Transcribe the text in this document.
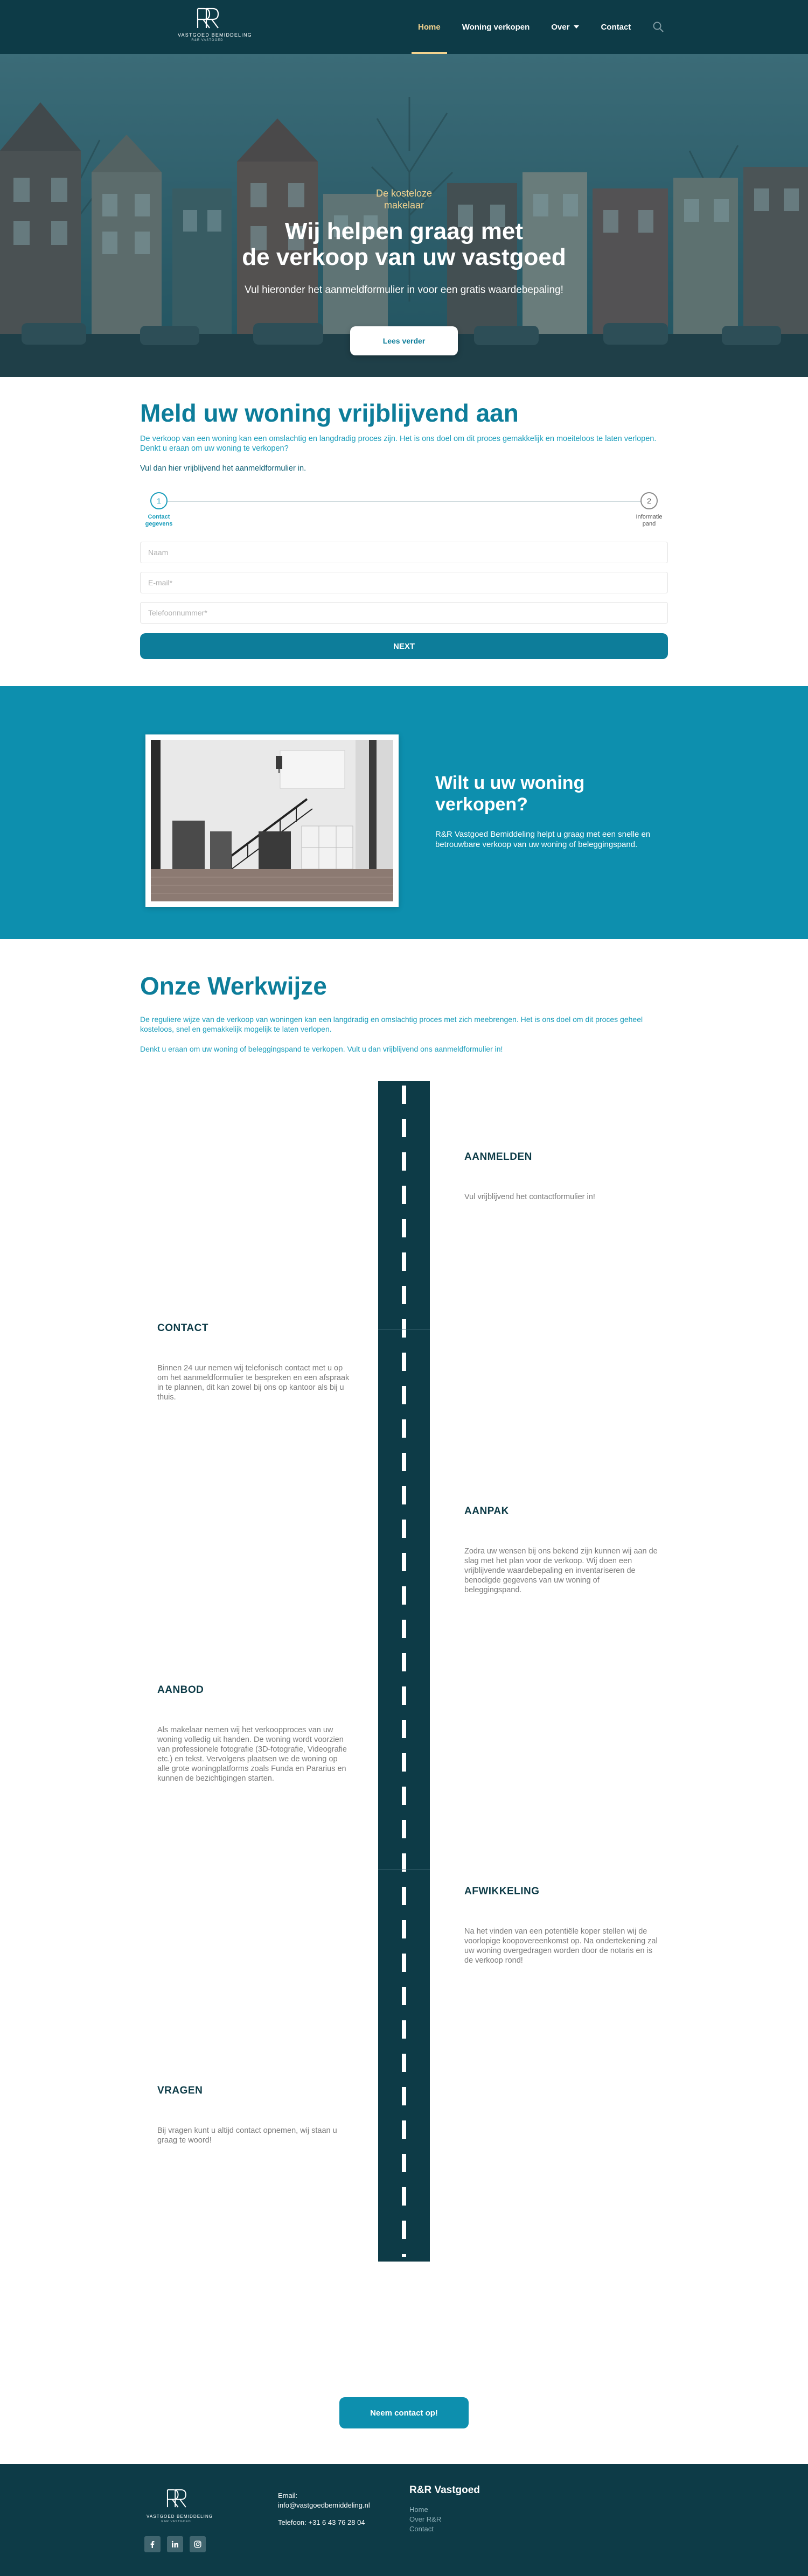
VASTGOED BEMIDDELING
R&R VASTGOED
Home	Woning verkopen	Over	Contact
De kosteloze makelaar
Wij helpen graag met
de verkoop van uw vastgoed
Vul hieronder het aanmeldformulier in voor een gratis waardebepaling!
Lees verder
Meld uw woning vrijblijvend aan
De verkoop van een woning kan een omslachtig en langdradig proces zijn. Het is ons doel om dit proces gemakkelijk en moeiteloos te laten verlopen. Denkt u eraan om uw woning te verkopen?
Vul dan hier vrijblijvend het aanmeldformulier in.
1
Contact gegevens
2
Informatie pand
Naam
E-mail*
Telefoonnummer*
NEXT
Wilt u uw woning verkopen?
R&R Vastgoed Bemiddeling helpt u graag met een snelle en betrouwbare verkoop van uw woning of beleggingspand.
Onze Werkwijze
De reguliere wijze van de verkoop van woningen kan een langdradig en omslachtig proces met zich meebrengen. Het is ons doel om dit proces geheel kosteloos, snel en gemakkelijk mogelijk te laten verlopen.
Denkt u eraan om uw woning of beleggingspand te verkopen. Vult u dan vrijblijvend ons aanmeldformulier in!
AANMELDEN

Vul vrijblijvend het contactformulier in!

CONTACT

Binnen 24 uur nemen wij telefonisch contact met u op om het aanmeldformulier te bespreken en een afspraak in te plannen, dit kan zowel bij ons op kantoor als bij u thuis.

AANPAK

Zodra uw wensen bij ons bekend zijn kunnen wij aan de slag met het plan voor de verkoop. Wij doen een vrijblijvende waardebepaling en inventariseren de benodigde gegevens van uw woning of beleggingspand.

AANBOD

Als makelaar nemen wij het verkoopproces van uw woning volledig uit handen. De woning wordt voorzien van professionele fotografie (3D-fotografie, Videografie etc.) en tekst. Vervolgens plaatsen we de woning op alle grote woningplatforms zoals Funda en Pararius en kunnen de bezichtigingen starten.

AFWIKKELING

Na het vinden van een potentiële koper stellen wij de voorlopige koopovereenkomst op. Na ondertekening zal uw woning overgedragen worden door de notaris en is de verkoop rond!

VRAGEN

Bij vragen kunt u altijd contact opnemen, wij staan u graag te woord!

Neem contact op!
VASTGOED BEMIDDELING
R&R VASTGOED
Email:
info@vastgoedbemiddeling.nl
Telefoon: +31 6 43 76 28 04
R&R Vastgoed
Home
Over R&R
Contact
